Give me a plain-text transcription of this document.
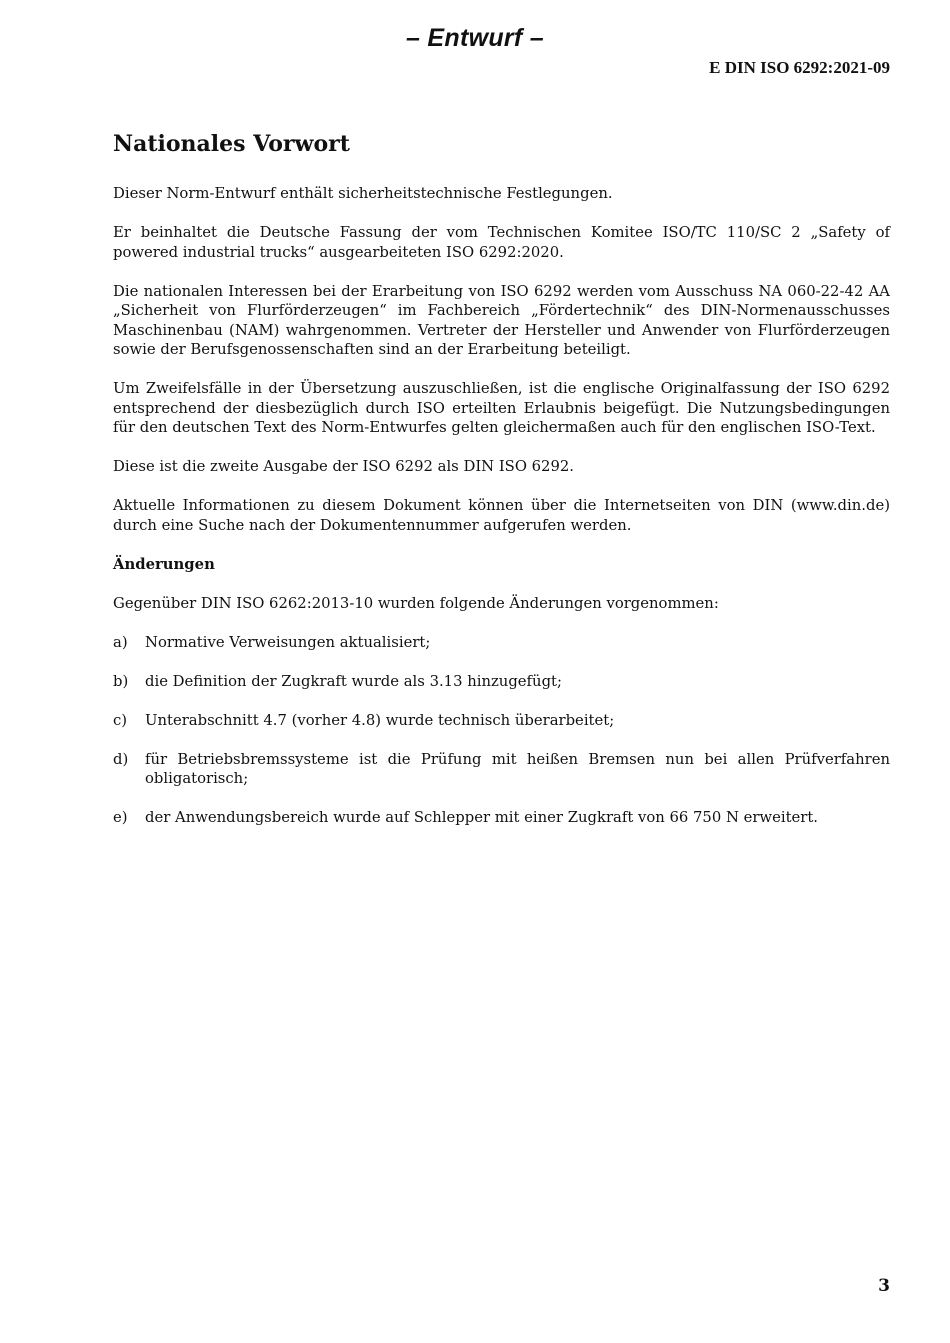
– Entwurf –
E DIN ISO 6292:2021-09
Nationales Vorwort

Dieser Norm-Entwurf enthält sicherheitstechnische Festlegungen.

Er beinhaltet die Deutsche Fassung der vom Technischen Komitee ISO/TC 110/SC 2 „Safety of powered industrial trucks“ ausgearbeiteten ISO 6292:2020.

Die nationalen Interessen bei der Erarbeitung von ISO 6292 werden vom Ausschuss NA 060-22-42 AA „Sicherheit von Flurförderzeugen“ im Fachbereich „Fördertechnik“ des DIN-Normenausschusses Maschinenbau (NAM) wahrgenommen. Vertreter der Hersteller und Anwender von Flurförderzeugen sowie der Berufsgenossenschaften sind an der Erarbeitung beteiligt.

Um Zweifelsfälle in der Übersetzung auszuschließen, ist die englische Originalfassung der ISO 6292 entsprechend der diesbezüglich durch ISO erteilten Erlaubnis beigefügt. Die Nutzungsbedingungen für den deutschen Text des Norm-Entwurfes gelten gleichermaßen auch für den englischen ISO-Text.

Diese ist die zweite Ausgabe der ISO 6292 als DIN ISO 6292.

Aktuelle Informationen zu diesem Dokument können über die Internetseiten von DIN (www.din.de) durch eine Suche nach der Dokumentennummer aufgerufen werden.

Änderungen

Gegenüber DIN ISO 6262:2013-10 wurden folgende Änderungen vorgenommen:

a)	Normative Verweisungen aktualisiert;
b)	die Definition der Zugkraft wurde als 3.13 hinzugefügt;
c)	Unterabschnitt 4.7 (vorher 4.8) wurde technisch überarbeitet;
d)	für Betriebsbremssysteme ist die Prüfung mit heißen Bremsen nun bei allen Prüfverfahren obligatorisch;
e)	der Anwendungsbereich wurde auf Schlepper mit einer Zugkraft von 66 750 N erweitert.
3
